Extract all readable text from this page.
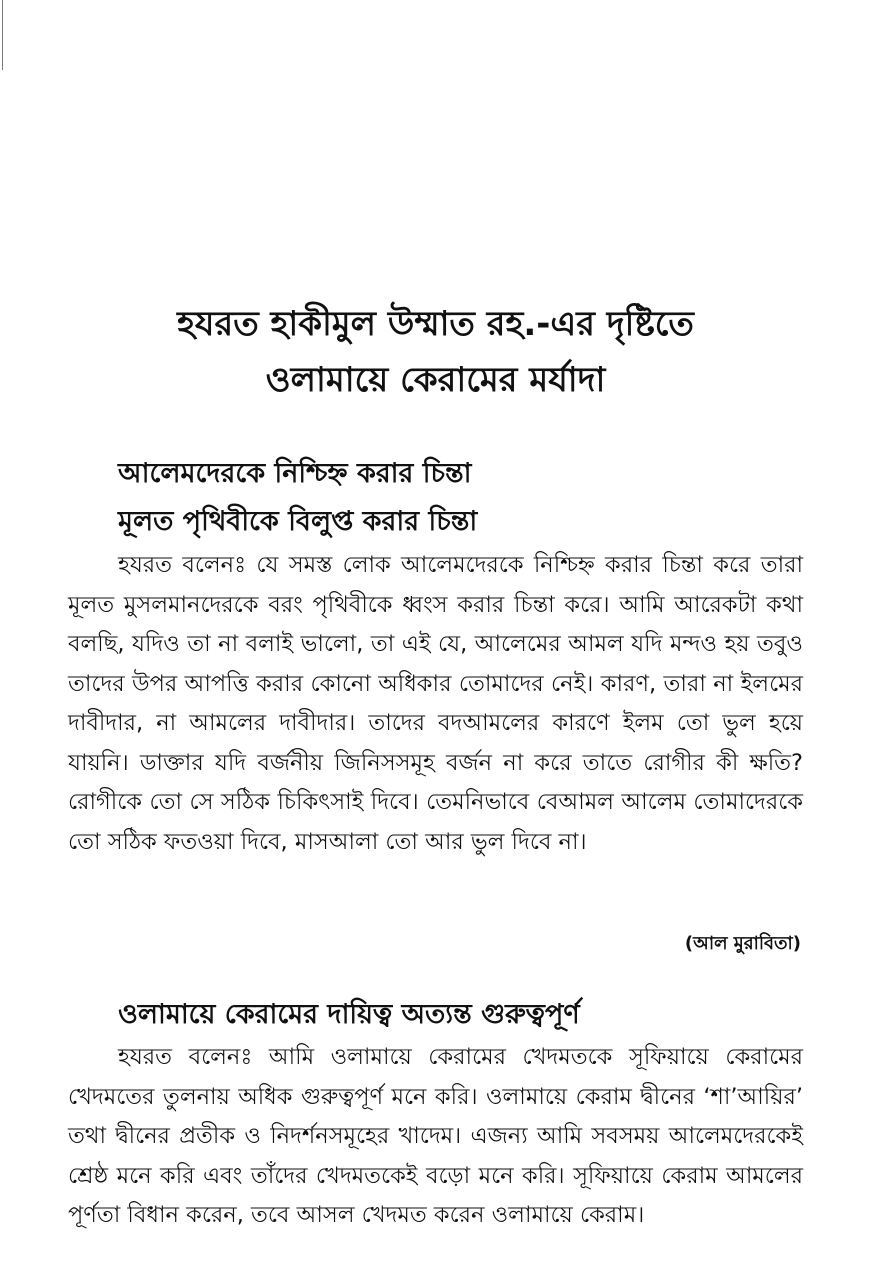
হযরত হাকীমুল উম্মাত রহ.-এর দৃষ্টিতে
ওলামায়ে কেরামের মর্যাদা
আলেমদেরকে নিশ্চিহ্ন করার চিন্তা
মূলত পৃথিবীকে বিলুপ্ত করার চিন্তা

হযরত বলেনঃ যে সমস্ত লোক আলেমদেরকে নিশ্চিহ্ন করার চিন্তা করে তারা মূলত মুসলমানদেরকে বরং পৃথিবীকে ধ্বংস করার চিন্তা করে। আমি আরেকটা কথা বলছি, যদিও তা না বলাই ভালো, তা এই যে, আলেমের আমল যদি মন্দও হয় তবুও তাদের উপর আপত্তি করার কোনো অধিকার তোমাদের নেই। কারণ, তারা না ইলমের দাবীদার, না আমলের দাবীদার। তাদের বদআমলের কারণে ইলম তো ভুল হয়ে যায়নি। ডাক্তার যদি বর্জনীয় জিনিসসমূহ বর্জন না করে তাতে রোগীর কী ক্ষতি? রোগীকে তো সে সঠিক চিকিৎসাই দিবে। তেমনিভাবে বেআমল আলেম তোমাদেরকে তো সঠিক ফতওয়া দিবে, মাসআলা তো আর ভুল দিবে না।

(আল মুরাবিতা)
ওলামায়ে কেরামের দায়িত্ব অত্যন্ত গুরুত্বপূর্ণ

হযরত বলেনঃ আমি ওলামায়ে কেরামের খেদমতকে সূফিয়ায়ে কেরামের খেদমতের তুলনায় অধিক গুরুত্বপূর্ণ মনে করি। ওলামায়ে কেরাম দ্বীনের ‘শা’আয়ির’ তথা দ্বীনের প্রতীক ও নিদর্শনসমূহের খাদেম। এজন্য আমি সবসময় আলেমদেরকেই শ্রেষ্ঠ মনে করি এবং তাঁদের খেদমতকেই বড়ো মনে করি। সূফিয়ায়ে কেরাম আমলের পূর্ণতা বিধান করেন, তবে আসল খেদমত করেন ওলামায়ে কেরাম।
